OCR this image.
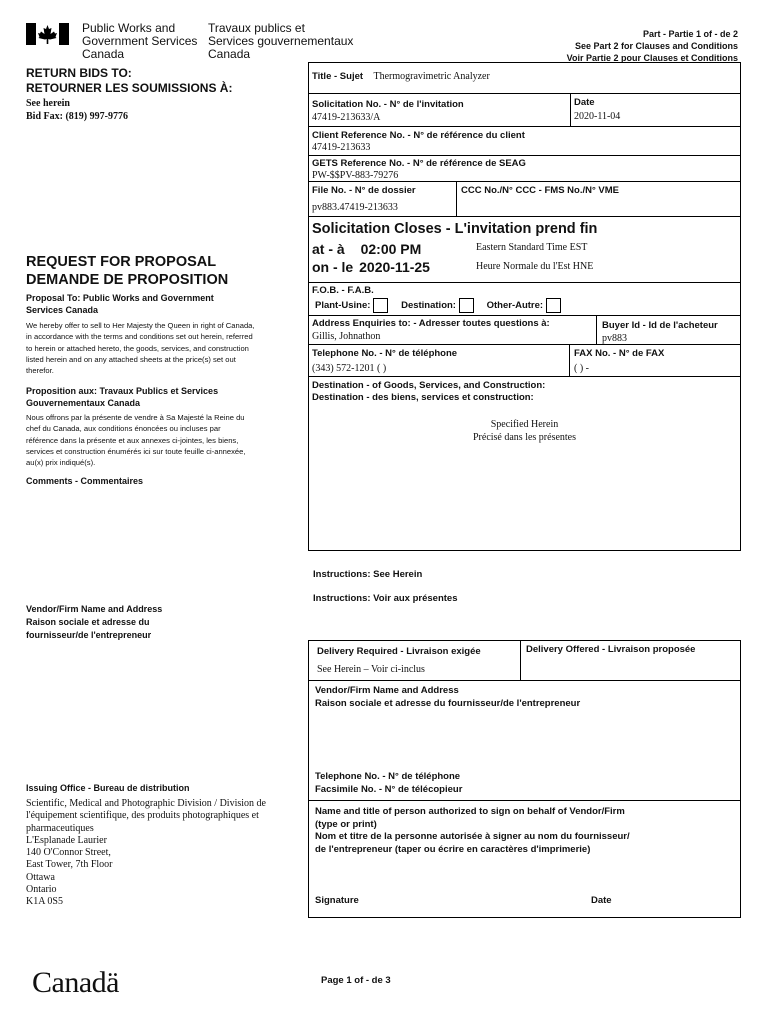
Public Works and
Government Services
Canada
Travaux publics et
Services gouvernementaux
Canada
Part - Partie 1 of - de 2
See Part 2 for Clauses and Conditions
Voir Partie 2 pour Clauses et Conditions
RETURN BIDS TO:
RETOURNER LES SOUMISSIONS À:
See herein
Bid Fax: (819) 997-9776
REQUEST FOR PROPOSAL
DEMANDE DE PROPOSITION
Proposal To: Public Works and Government Services Canada
We hereby offer to sell to Her Majesty the Queen in right of Canada, in accordance with the terms and conditions set out herein, referred to herein or attached hereto, the goods, services, and construction listed herein and on any attached sheets at the price(s) set out therefor.
Proposition aux: Travaux Publics et Services Gouvernementaux Canada
Nous offrons par la présente de vendre à Sa Majesté la Reine du chef du Canada, aux conditions énoncées ou incluses par référence dans la présente et aux annexes ci-jointes, les biens, services et construction énumérés ici sur toute feuille ci-annexée, au(x) prix indiqué(s).
Comments - Commentaires
Vendor/Firm Name and Address
Raison sociale et adresse du
fournisseur/de l'entrepreneur
Issuing Office - Bureau de distribution
Scientific, Medical and Photographic Division / Division de
l'équipement scientifique, des produits photographiques et
pharmaceutiques
L'Esplanade Laurier
140 O'Connor Street,
East Tower, 7th Floor
Ottawa
Ontario
K1A 0S5
Canadä
Title - Sujet Thermogravimetric Analyzer
Solicitation No. - N° de l'invitation
47419-213633/A
Date
2020-11-04
Client Reference No. - N° de référence du client
47419-213633
GETS Reference No. - N° de référence de SEAG
PW-$$PV-883-79276
File No. - N° de dossier
pv883.47419-213633
CCC No./N° CCC - FMS No./N° VME
Solicitation Closes - L'invitation prend fin
at - à 02:00 PM
on - le 2020-11-25
Eastern Standard Time EST
Heure Normale du l'Est HNE
F.O.B. - F.A.B.
Plant-Usine:	Destination:	Other-Autre:
Address Enquiries to: - Adresser toutes questions à:
Gillis, Johnathon
Buyer Id - Id de l'acheteur
pv883
Telephone No. - N° de téléphone
(343) 572-1201 ( )
FAX No. - N° de FAX
( ) -
Destination - of Goods, Services, and Construction:
Destination - des biens, services et construction:
Specified Herein
Précisé dans les présentes
Instructions: See Herein
Instructions: Voir aux présentes
Delivery Required - Livraison exigée
See Herein – Voir ci-inclus
Delivery Offered - Livraison proposée
Vendor/Firm Name and Address
Raison sociale et adresse du fournisseur/de l'entrepreneur
Telephone No. - N° de téléphone
Facsimile No. - N° de télécopieur
Name and title of person authorized to sign on behalf of Vendor/Firm
(type or print)
Nom et titre de la personne autorisée à signer au nom du fournisseur/
de l'entrepreneur (taper ou écrire en caractères d'imprimerie)
Signature	Date
Page 1 of - de 3
